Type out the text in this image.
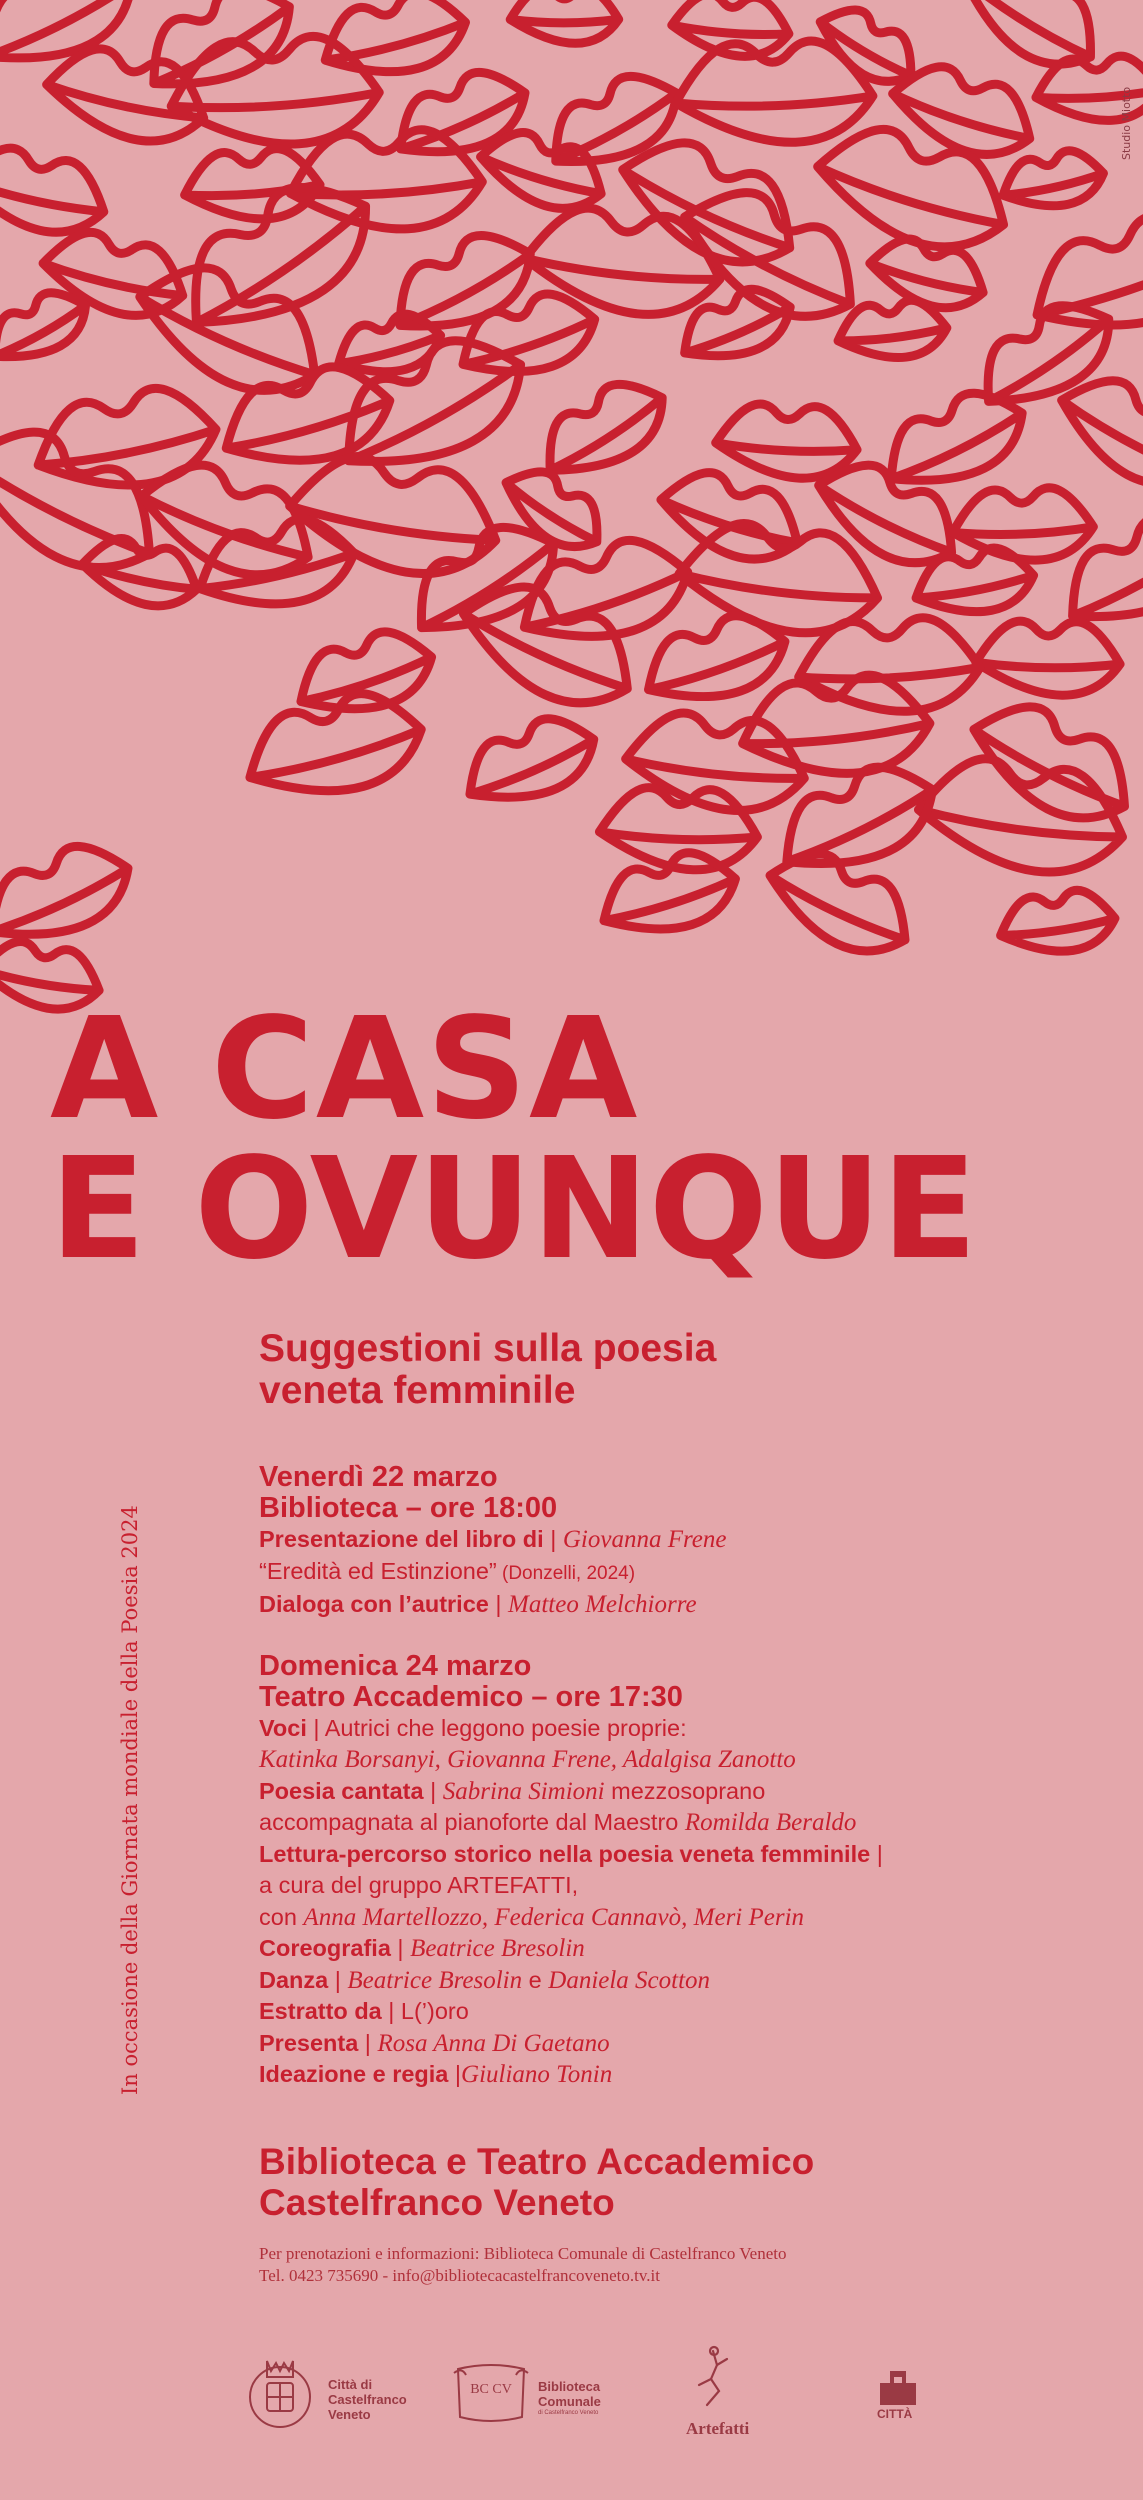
Studio Miotto
A CASA
E OVUNQUE
In occasione della Giornata mondiale della Poesia 2024
Suggestioni sulla poesia
veneta femminile
Venerdì 22 marzo
Biblioteca – ore 18:00
Presentazione del libro di | Giovanna Frene
“Eredità ed Estinzione” (Donzelli, 2024)
Dialoga con l’autrice | Matteo Melchiorre
Domenica 24 marzo
Teatro Accademico – ore 17:30
Voci | Autrici che leggono poesie proprie:
Katinka Borsanyi, Giovanna Frene, Adalgisa Zanotto
Poesia cantata | Sabrina Simioni mezzosoprano
accompagnata al pianoforte dal Maestro Romilda Beraldo
Lettura-percorso storico nella poesia veneta femminile |
a cura del gruppo ARTEFATTI,
con Anna Martellozzo, Federica Cannavò, Meri Perin
Coreografia | Beatrice Bresolin
Danza | Beatrice Bresolin e Daniela Scotton
Estratto da | L(’)oro
Presenta | Rosa Anna Di Gaetano
Ideazione e regia |Giuliano Tonin
Biblioteca e Teatro Accademico
Castelfranco Veneto
Per prenotazioni e informazioni: Biblioteca Comunale di Castelfranco Veneto
Tel. 0423 735690 - info@bibliotecacastelfrancoveneto.tv.it
Città di
Castelfranco
Veneto
BC CV Biblioteca
Comunale
di Castelfranco Veneto
Artefatti
CITTÀ
